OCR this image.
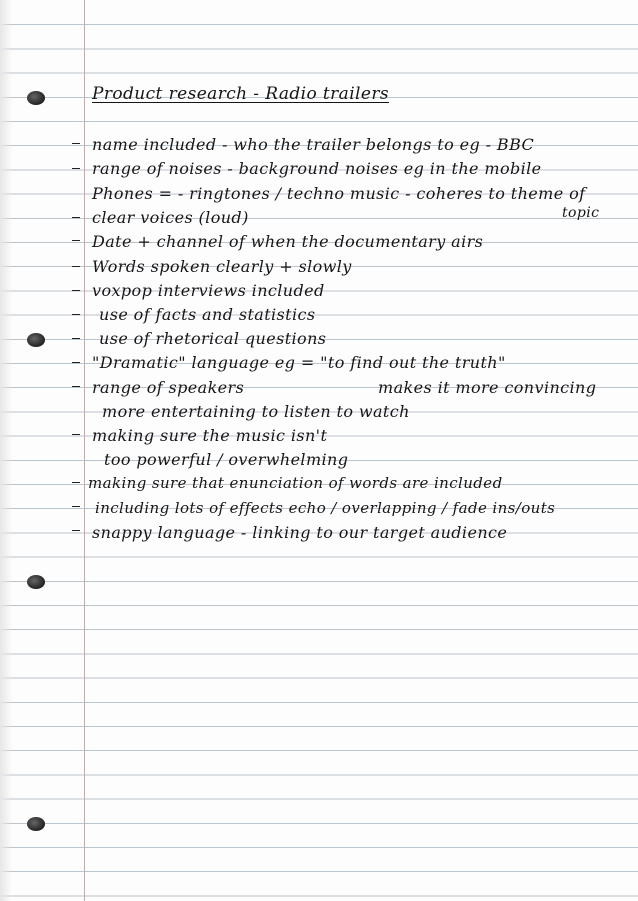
Product research - Radio trailers
name included - who the trailer belongs to eg - BBC
range of noises - background noises eg in the mobile
Phones = - ringtones / techno music - coheres to theme of
topic
clear voices (loud)
Date + channel of when the documentary airs
Words spoken clearly + slowly
voxpop interviews included
use of facts and statistics
use of rhetorical questions
"Dramatic" language eg = "to find out the truth"
range of speakers	makes it more convincing
more entertaining to listen to watch
making sure the music isn't
too powerful / overwhelming
making sure that enunciation of words are included
including lots of effects echo / overlapping / fade ins/outs
snappy language - linking to our target audience
